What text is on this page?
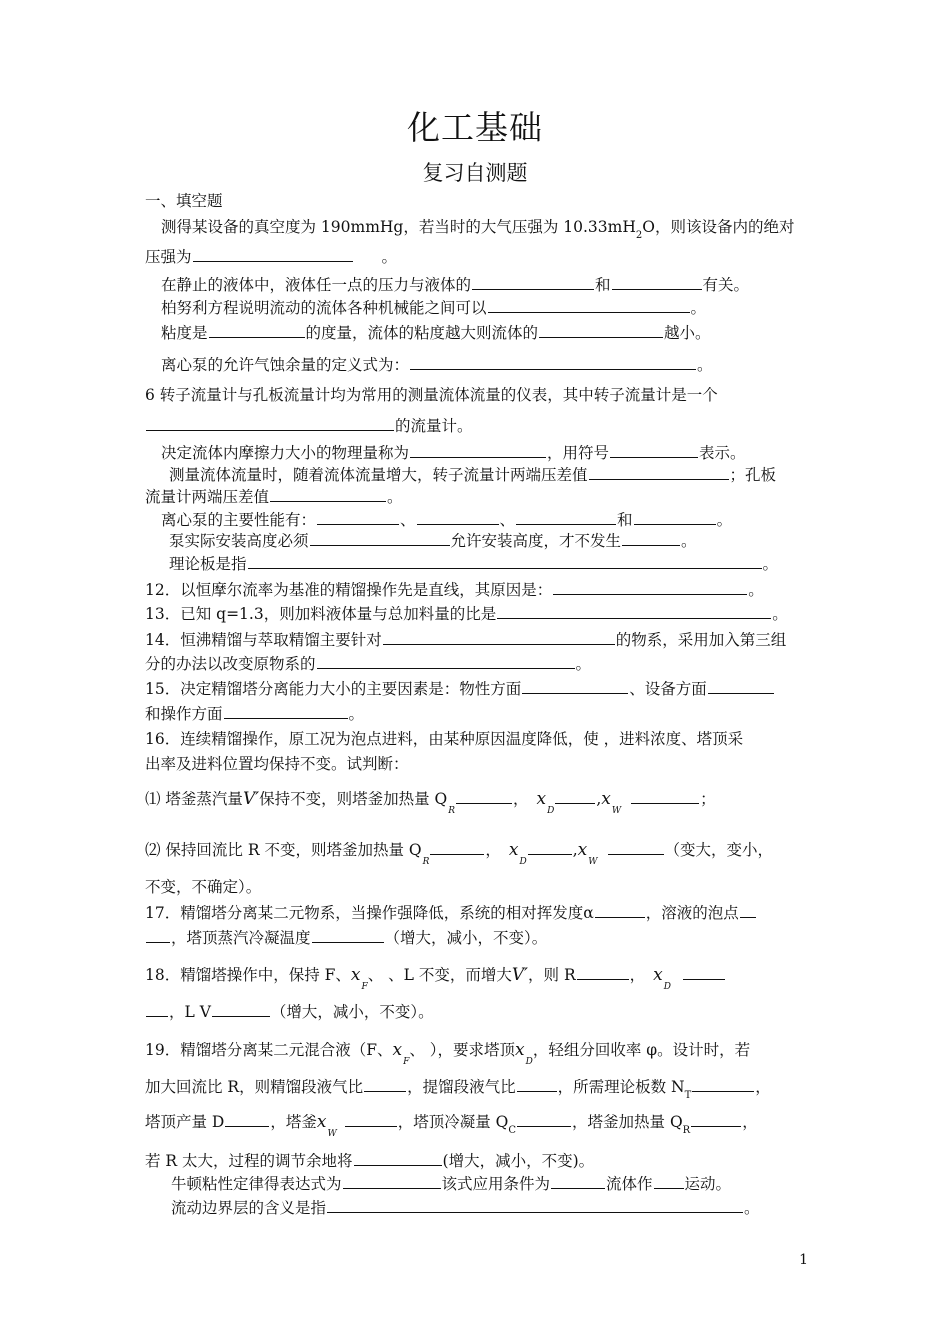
化工基础
复习自测题
一、填空题
测得某设备的真空度为 190mmHg，若当时的大气压强为 $10.33mH_2O$，则该设备内的绝对
压强为	。
在静止的液体中，液体任一点的压力与液体的	和	有关。
柏努利方程说明流动的流体各种机械能之间可以	。
粘度是	的度量，流体的粘度越大则流体的	越小。
离心泵的允许气蚀余量的定义式为：	。
6 转子流量计与孔板流量计均为常用的测量流体流量的仪表，其中转子流量计是一个
的流量计。
决定流体内摩擦力大小的物理量称为	，用符号	表示。
测量流体流量时，随着流体流量增大，转子流量计两端压差值	；孔板
流量计两端压差值	。
离心泵的主要性能有：	、	、	和	。
泵实际安装高度必须	允许安装高度，才不发生	。
理论板是指	。
12．以恒摩尔流率为基准的精馏操作先是直线，其原因是：	。
13．已知 q=1.3，则加料液体量与总加料量的比是	。
14．恒沸精馏与萃取精馏主要针对	的物系，采用加入第三组
分的办法以改变原物系的	。
15．决定精馏塔分离能力大小的主要因素是：物性方面	、设备方面
和操作方面	。
16．连续精馏操作，原工况为泡点进料，由某种原因温度降低，使 ，进料浓度、塔顶采
出率及进料位置均保持不变。试判断：
⑴ 塔釜蒸汽量V′保持不变，则塔釜加热量 $Q_R$， $x_D,x_W$；
⑵ 保持回流比 R 不变，则塔釜加热量 $Q_R$， $x_D,x_W$（变大，变小，
不变，不确定）。
17．精馏塔分离某二元物系，当操作强降低，系统的相对挥发度α	，溶液的泡点
，塔顶蒸汽冷凝温度	（增大，减小，不变）。
18．精馏塔操作中，保持 F、$x_F$、 、L 不变，而增大V′，则 R	， $x_D$
，L V	（增大，减小，不变）。
19．精馏塔分离某二元混合液（F、$x_F$、 ），要求塔顶$x_D$，轻组分回收率 φ。设计时，若
加大回流比 R，则精馏段液气比	，提馏段液气比	，所需理论板数 $N_T$	，
塔顶产量 D	，塔釜$x_W$，塔顶冷凝量 $Q_C$	，塔釜加热量 $Q_R$	，
若 R 太大，过程的调节余地将	(增大，减小，不变)。
牛顿粘性定律得表达式为	该式应用条件为	流体作 运动。
流动边界层的含义是指	。
1
